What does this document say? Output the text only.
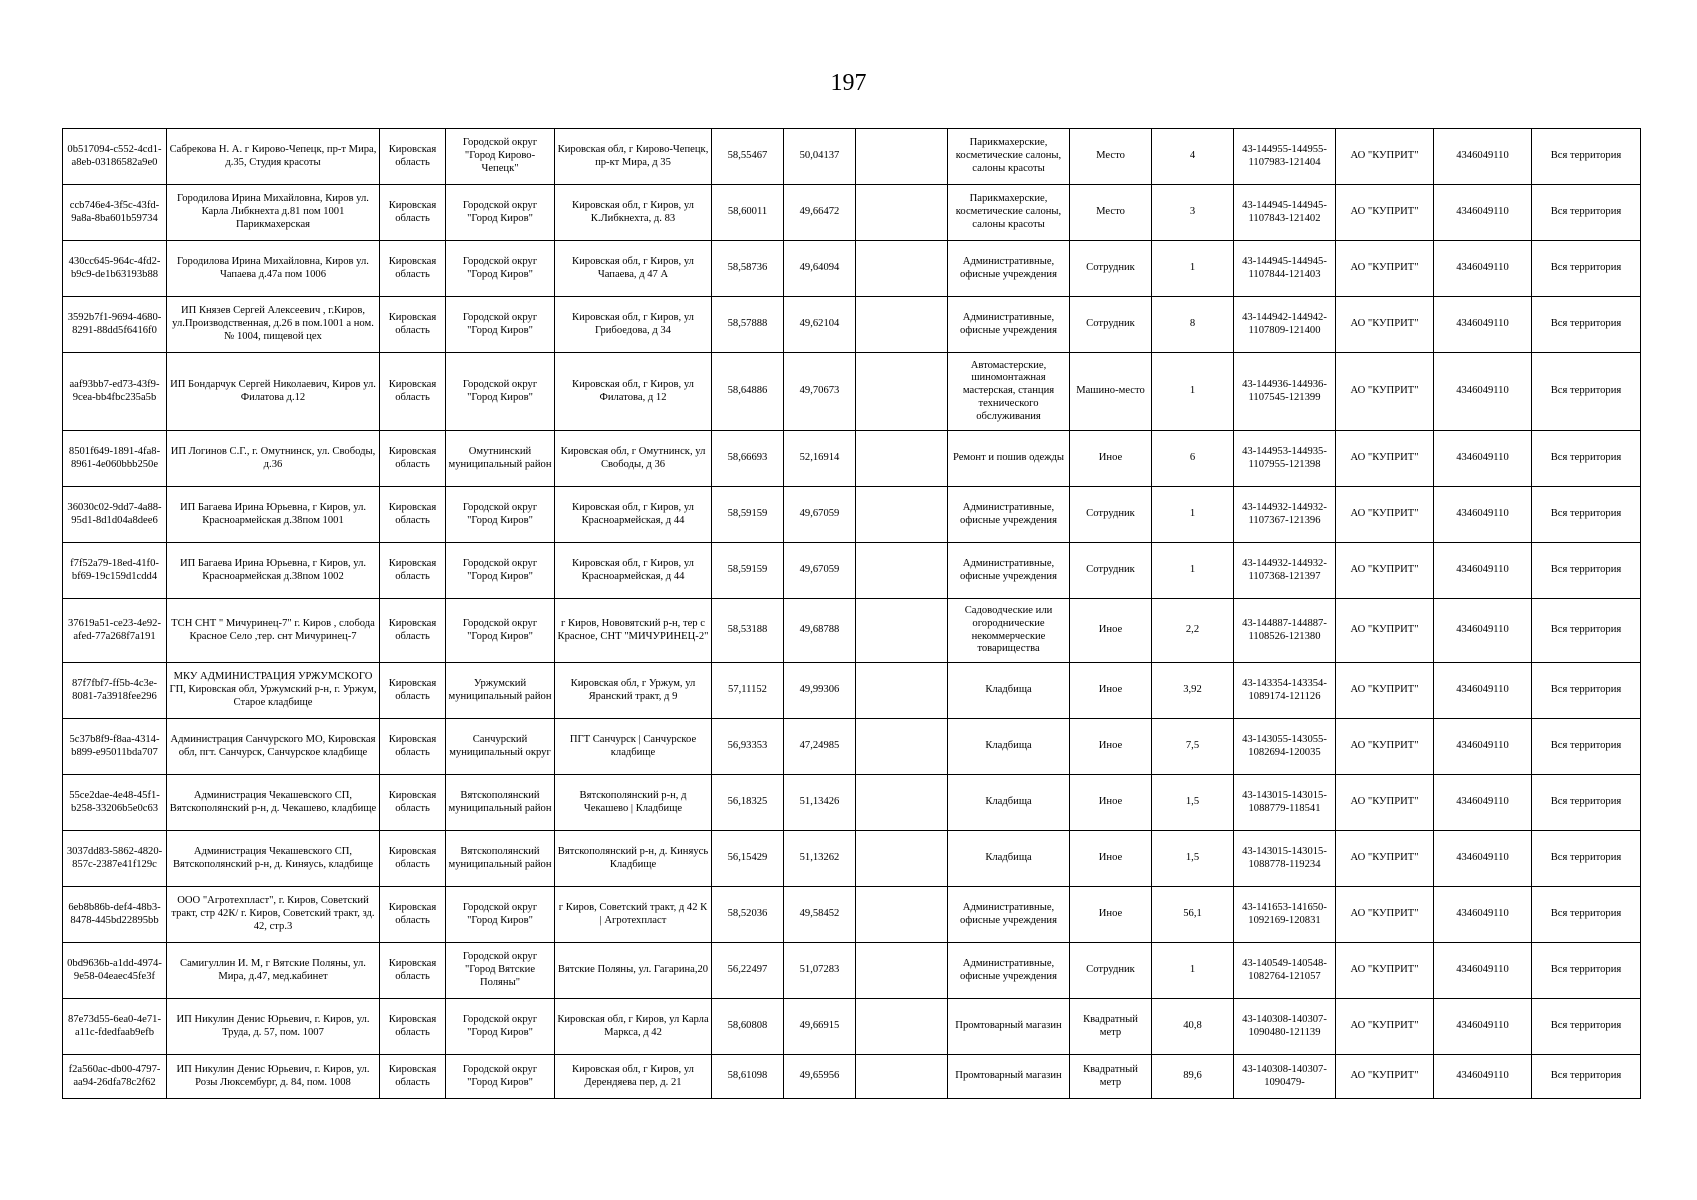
197
0b517094-c552-4cd1-a8eb-03186582a9e0	Сабрекова Н. А. г Кирово-Чепецк, пр-т Мира, д.35, Студия красоты	Кировская область	Городской округ "Город Кирово-Чепецк"	Кировская обл, г Кирово-Чепецк, пр-кт Мира, д 35	58,55467	50,04137		Парикмахерские, косметические салоны, салоны красоты	Место	4	43-144955-144955-1107983-121404	АО "КУПРИТ"	4346049110	Вся территория
ccb746e4-3f5c-43fd-9a8a-8ba601b59734	Городилова Ирина Михайловна, Киров ул. Карла Либкнехта д.81 пом 1001 Парикмахерская	Кировская область	Городской округ "Город Киров"	Кировская обл, г Киров, ул К.Либкнехта, д. 83	58,60011	49,66472		Парикмахерские, косметические салоны, салоны красоты	Место	3	43-144945-144945-1107843-121402	АО "КУПРИТ"	4346049110	Вся территория
430cc645-964c-4fd2-b9c9-de1b63193b88	Городилова Ирина Михайловна, Киров ул. Чапаева д.47а пом 1006	Кировская область	Городской округ "Город Киров"	Кировская обл, г Киров, ул Чапаева, д 47 А	58,58736	49,64094		Административные, офисные учреждения	Сотрудник	1	43-144945-144945-1107844-121403	АО "КУПРИТ"	4346049110	Вся территория
3592b7f1-9694-4680-8291-88dd5f6416f0	ИП Князев Сергей Алексеевич , г.Киров, ул.Производственная, д.26 в пом.1001 а ном.№ 1004, пищевой цех	Кировская область	Городской округ "Город Киров"	Кировская обл, г Киров, ул Грибоедова, д 34	58,57888	49,62104		Административные, офисные учреждения	Сотрудник	8	43-144942-144942-1107809-121400	АО "КУПРИТ"	4346049110	Вся территория
aaf93bb7-ed73-43f9-9cea-bb4fbc235a5b	ИП Бондарчук Сергей Николаевич, Киров ул. Филатова д.12	Кировская область	Городской округ "Город Киров"	Кировская обл, г Киров, ул Филатова, д 12	58,64886	49,70673		Автомастерские, шиномонтажная мастерская, станция технического обслуживания	Машино-место	1	43-144936-144936-1107545-121399	АО "КУПРИТ"	4346049110	Вся территория
8501f649-1891-4fa8-8961-4e060bbb250e	ИП Логинов С.Г., г. Омутнинск, ул. Свободы, д.36	Кировская область	Омутнинский муниципальный район	Кировская обл, г Омутнинск, ул Свободы, д 36	58,66693	52,16914		Ремонт и пошив одежды	Иное	6	43-144953-144935-1107955-121398	АО "КУПРИТ"	4346049110	Вся территория
36030c02-9dd7-4a88-95d1-8d1d04a8dee6	ИП Багаева Ирина Юрьевна, г Киров, ул. Красноармейская д.38пом 1001	Кировская область	Городской округ "Город Киров"	Кировская обл, г Киров, ул Красноармейская, д 44	58,59159	49,67059		Административные, офисные учреждения	Сотрудник	1	43-144932-144932-1107367-121396	АО "КУПРИТ"	4346049110	Вся территория
f7f52a79-18ed-41f0-bf69-19c159d1cdd4	ИП Багаева Ирина Юрьевна, г Киров, ул. Красноармейская д.38пом 1002	Кировская область	Городской округ "Город Киров"	Кировская обл, г Киров, ул Красноармейская, д 44	58,59159	49,67059		Административные, офисные учреждения	Сотрудник	1	43-144932-144932-1107368-121397	АО "КУПРИТ"	4346049110	Вся территория
37619a51-ce23-4e92-afed-77a268f7a191	ТСН СНТ " Мичуринец-7" г. Киров , слобода Красное Село ,тер. снт Мичуринец-7	Кировская область	Городской округ "Город Киров"	г Киров, Нововятский р-н, тер с Красное, СНТ "МИЧУРИНЕЦ-2"	58,53188	49,68788		Садоводческие или огороднические некоммерческие товарищества	Иное	2,2	43-144887-144887-1108526-121380	АО "КУПРИТ"	4346049110	Вся территория
87f7fbf7-ff5b-4c3e-8081-7a3918fee296	МКУ АДМИНИСТРАЦИЯ УРЖУМСКОГО ГП, Кировская обл, Уржумский р-н, г. Уржум, Старое кладбище	Кировская область	Уржумский муниципальный район	Кировская обл, г Уржум, ул Яранский тракт, д 9	57,11152	49,99306		Кладбища	Иное	3,92	43-143354-143354-1089174-121126	АО "КУПРИТ"	4346049110	Вся территория
5c37b8f9-f8aa-4314-b899-e95011bda707	Администрация Санчурского МО, Кировская обл, пгт. Санчурск, Санчурское кладбище	Кировская область	Санчурский муниципальный округ	ПГТ Санчурск | Санчурское кладбище	56,93353	47,24985		Кладбища	Иное	7,5	43-143055-143055-1082694-120035	АО "КУПРИТ"	4346049110	Вся территория
55ce2dae-4e48-45f1-b258-33206b5e0c63	Администрация Чекашевского СП, Вятскополянский р-н, д. Чекашево, кладбище	Кировская область	Вятскополянский муниципальный район	Вятскополянский р-н, д Чекашево | Кладбище	56,18325	51,13426		Кладбища	Иное	1,5	43-143015-143015-1088779-118541	АО "КУПРИТ"	4346049110	Вся территория
3037dd83-5862-4820-857c-2387e41f129c	Администрация Чекашевского СП, Вятскополянский р-н, д. Киняусь, кладбище	Кировская область	Вятскополянский муниципальный район	Вятскополянский р-н, д. Киняусь Кладбище	56,15429	51,13262		Кладбища	Иное	1,5	43-143015-143015-1088778-119234	АО "КУПРИТ"	4346049110	Вся территория
6eb8b86b-def4-48b3-8478-445bd22895bb	ООО "Агротехпласт", г. Киров, Советский тракт, стр 42К/ г. Киров, Советский тракт, зд. 42, стр.3	Кировская область	Городской округ "Город Киров"	г Киров, Советский тракт, д 42 К | Агротехпласт	58,52036	49,58452		Административные, офисные учреждения	Иное	56,1	43-141653-141650-1092169-120831	АО "КУПРИТ"	4346049110	Вся территория
0bd9636b-a1dd-4974-9e58-04eaec45fe3f	Самигуллин И. М, г Вятские Поляны, ул. Мира, д.47, мед.кабинет	Кировская область	Городской округ "Город Вятские Поляны"	Вятские Поляны, ул. Гагарина,20	56,22497	51,07283		Административные, офисные учреждения	Сотрудник	1	43-140549-140548-1082764-121057	АО "КУПРИТ"	4346049110	Вся территория
87e73d55-6ea0-4e71-a11c-fdedfaab9efb	ИП Никулин Денис Юрьевич, г. Киров, ул. Труда, д. 57, пом. 1007	Кировская область	Городской округ "Город Киров"	Кировская обл, г Киров, ул Карла Маркса, д 42	58,60808	49,66915		Промтоварный магазин	Квадратный метр	40,8	43-140308-140307-1090480-121139	АО "КУПРИТ"	4346049110	Вся территория
f2a560ac-db00-4797-aa94-26dfa78c2f62	ИП Никулин Денис Юрьевич, г. Киров, ул. Розы Люксембург, д. 84, пом. 1008	Кировская область	Городской округ "Город Киров"	Кировская обл, г Киров, ул Дерендяева пер, д. 21	58,61098	49,65956		Промтоварный магазин	Квадратный метр	89,6	43-140308-140307-1090479-	АО "КУПРИТ"	4346049110	Вся территория
